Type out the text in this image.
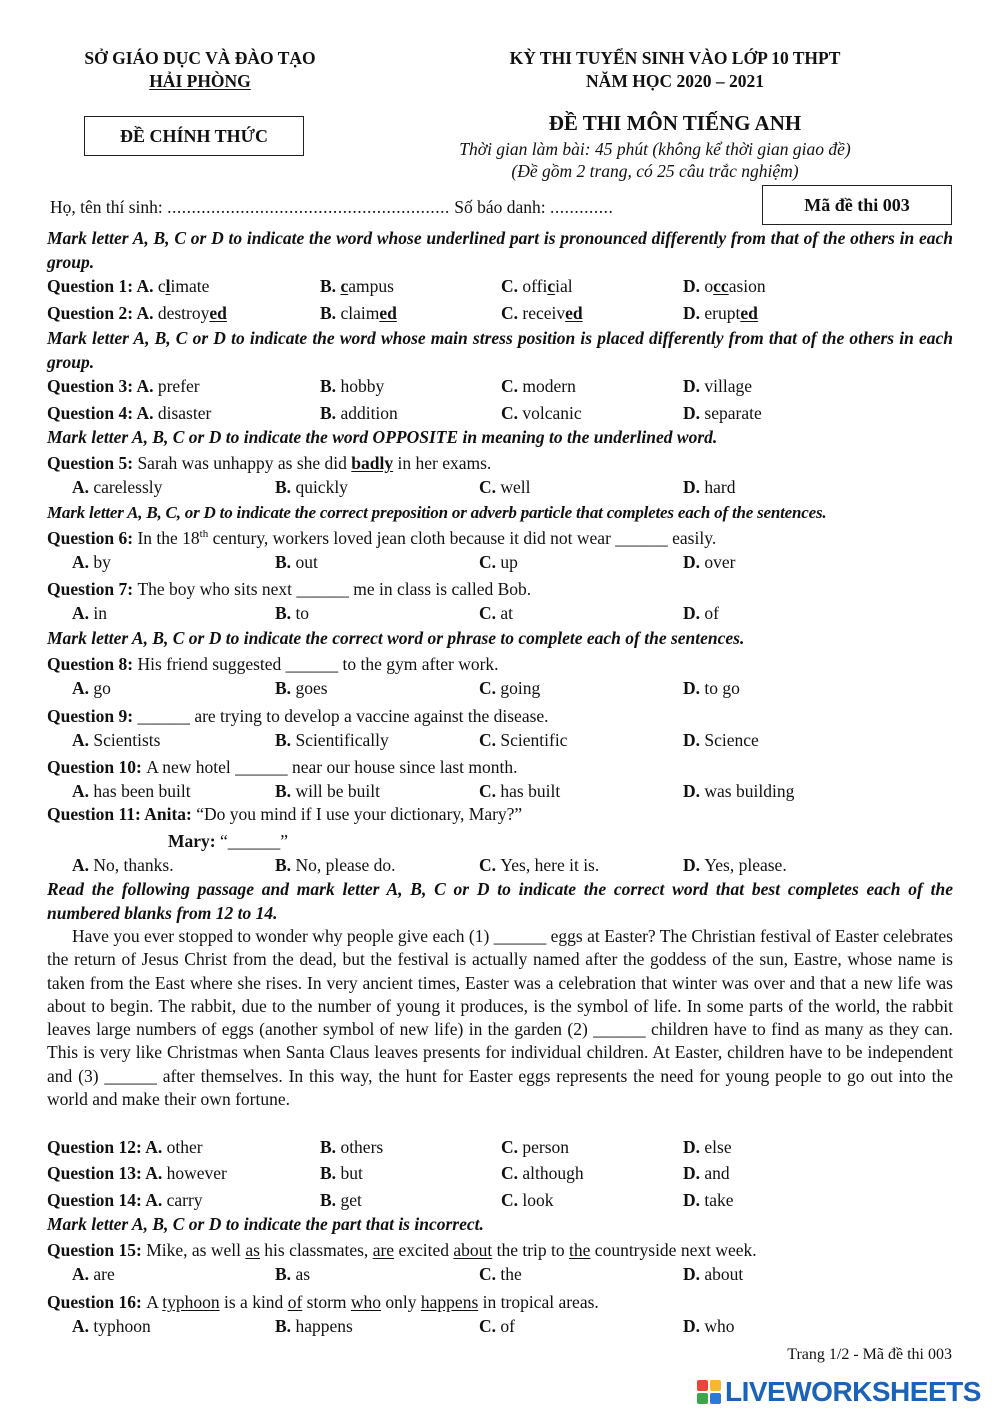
SỞ GIÁO DỤC VÀ ĐÀO TẠO
HẢI PHÒNG
KỲ THI TUYỂN SINH VÀO LỚP 10 THPT
NĂM HỌC 2020 – 2021
ĐỀ CHÍNH THỨC
ĐỀ THI MÔN TIẾNG ANH
Thời gian làm bài: 45 phút (không kể thời gian giao đề)
(Đề gồm 2 trang, có 25 câu trắc nghiệm)
Họ, tên thí sinh: .......................................................... Số báo danh: .............	Mã đề thi 003
Mark letter A, B, C or D to indicate the word whose underlined part is pronounced differently from that of the others in each group.
Question 1: A. climate	B. campus	C. official	D. occasion
Question 2: A. destroyed	B. claimed	C. received	D. erupted
Mark letter A, B, C or D to indicate the word whose main stress position is placed differently from that of the others in each group.
Question 3: A. prefer	B. hobby	C. modern	D. village
Question 4: A. disaster	B. addition	C. volcanic	D. separate
Mark letter A, B, C or D to indicate the word OPPOSITE in meaning to the underlined word.
Question 5: Sarah was unhappy as she did badly in her exams.
A. carelessly	B. quickly	C. well	D. hard
Mark letter A, B, C, or D to indicate the correct preposition or adverb particle that completes each of the sentences.
Question 6: In the 18th century, workers loved jean cloth because it did not wear ______ easily.
A. by	B. out	C. up	D. over
Question 7: The boy who sits next ______ me in class is called Bob.
A. in	B. to	C. at	D. of
Mark letter A, B, C or D to indicate the correct word or phrase to complete each of the sentences.
Question 8: His friend suggested ______ to the gym after work.
A. go	B. goes	C. going	D. to go
Question 9: ______ are trying to develop a vaccine against the disease.
A. Scientists	B. Scientifically	C. Scientific	D. Science
Question 10: A new hotel ______ near our house since last month.
A. has been built	B. will be built	C. has built	D. was building
Question 11: Anita: “Do you mind if I use your dictionary, Mary?”
Mary: “______”
A. No, thanks.	B. No, please do.	C. Yes, here it is.	D. Yes, please.
Read the following passage and mark letter A, B, C or D to indicate the correct word that best completes each of the numbered blanks from 12 to 14.
Have you ever stopped to wonder why people give each (1) ______ eggs at Easter? The Christian festival of Easter celebrates the return of Jesus Christ from the dead, but the festival is actually named after the goddess of the sun, Eastre, whose name is taken from the East where she rises. In very ancient times, Easter was a celebration that winter was over and that a new life was about to begin. The rabbit, due to the number of young it produces, is the symbol of life. In some parts of the world, the rabbit leaves large numbers of eggs (another symbol of new life) in the garden (2) ______ children have to find as many as they can. This is very like Christmas when Santa Claus leaves presents for individual children. At Easter, children have to be independent and (3) ______ after themselves. In this way, the hunt for Easter eggs represents the need for young people to go out into the world and make their own fortune.
Question 12: A. other	B. others	C. person	D. else
Question 13: A. however	B. but	C. although	D. and
Question 14: A. carry	B. get	C. look	D. take
Mark letter A, B, C or D to indicate the part that is incorrect.
Question 15: Mike, as well as his classmates, are excited about the trip to the countryside next week.
A. are	B. as	C. the	D. about
Question 16: A typhoon is a kind of storm who only happens in tropical areas.
A. typhoon	B. happens	C. of	D. who
Trang 1/2 - Mã đề thi 003
LIVEWORKSHEETS
